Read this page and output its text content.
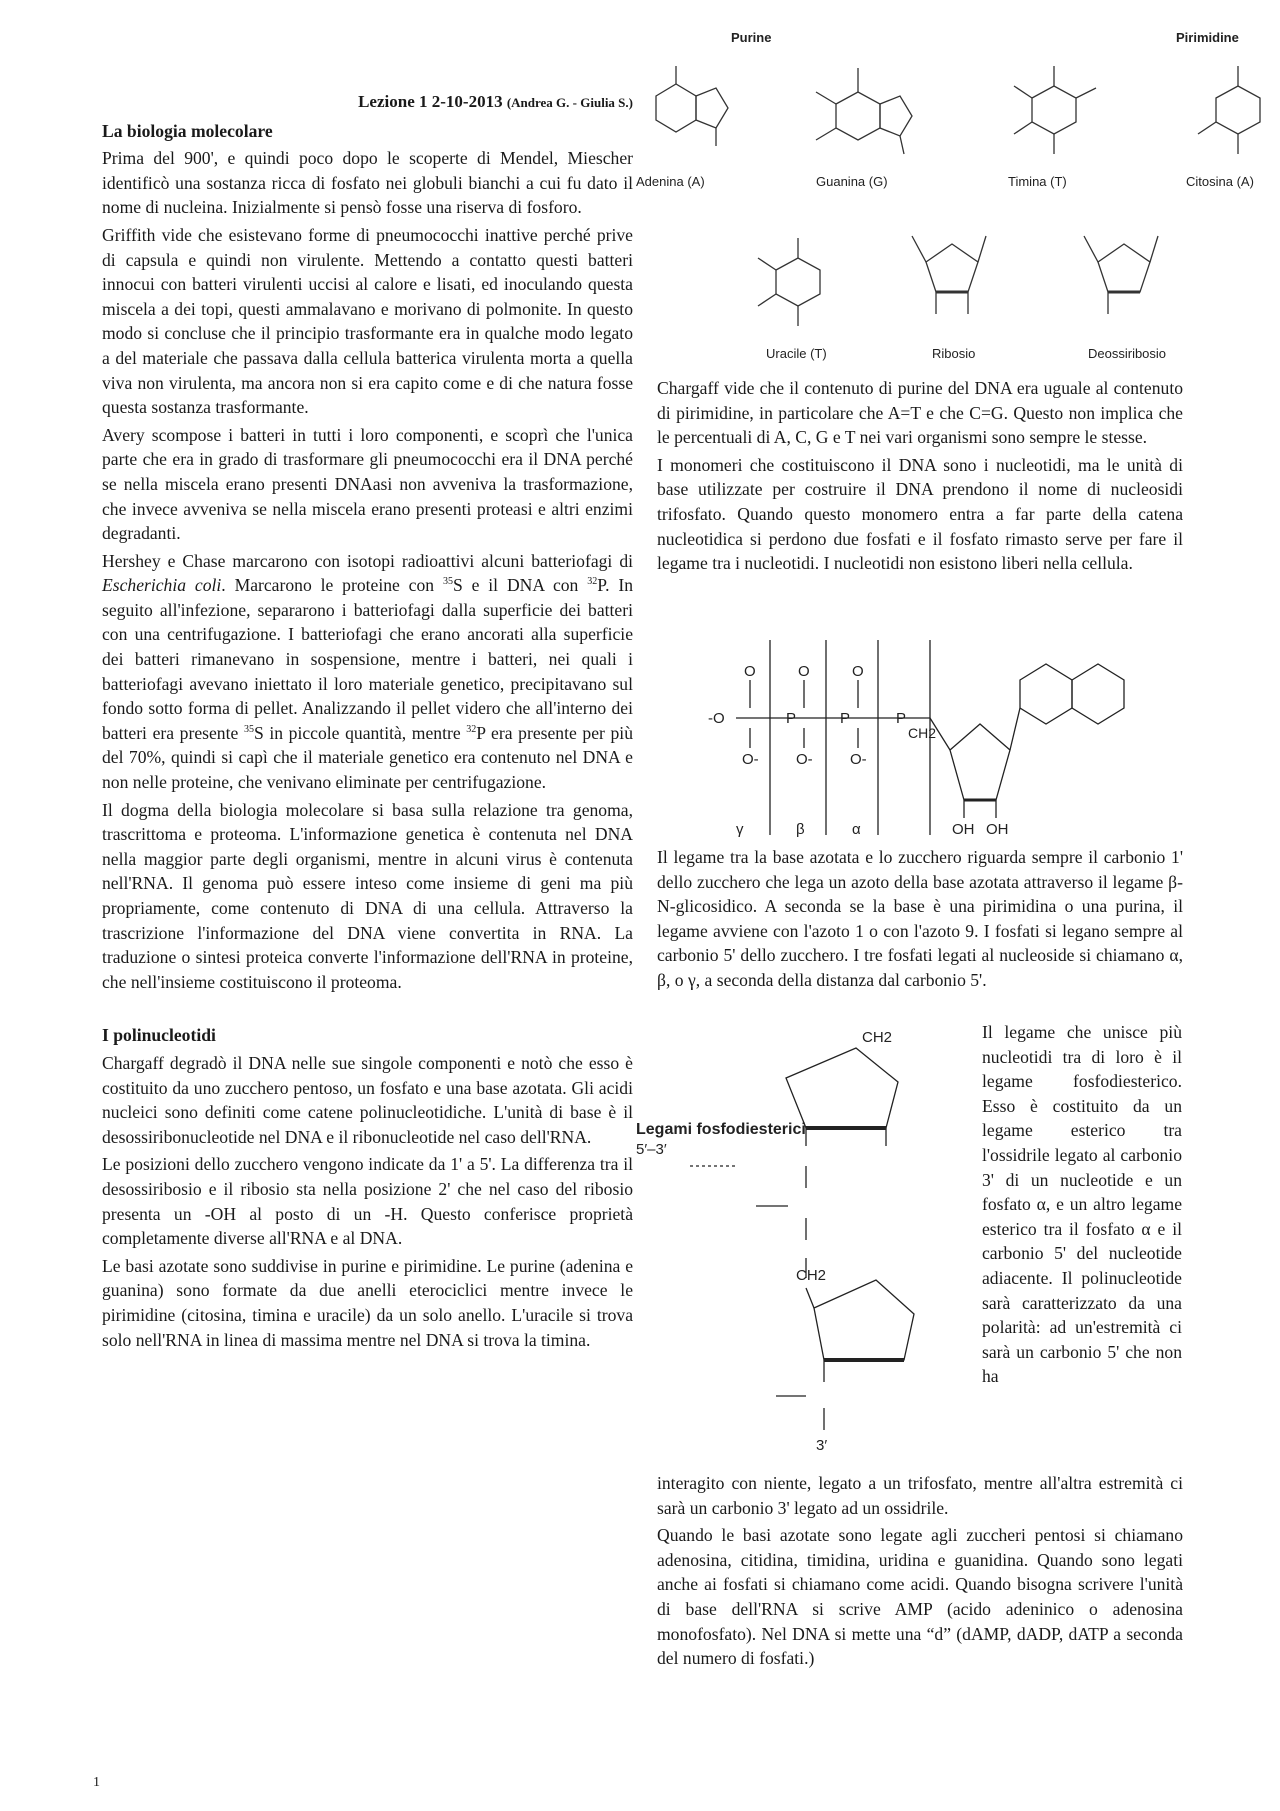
Lezione 1 2-10-2013 (Andrea G. - Giulia S.)

La biologia molecolare

Prima del 900', e quindi poco dopo le scoperte di Mendel, Miescher identificò una sostanza ricca di fosfato nei globuli bianchi a cui fu dato il nome di nucleina. Inizialmente si pensò fosse una riserva di fosforo.

Griffith vide che esistevano forme di pneumococchi inattive perché prive di capsula e quindi non virulente. Mettendo a contatto questi batteri innocui con batteri virulenti uccisi al calore e lisati, ed inoculando questa miscela a dei topi, questi ammalavano e morivano di polmonite. In questo modo si concluse che il principio trasformante era in qualche modo legato a del materiale che passava dalla cellula batterica virulenta morta a quella viva non virulenta, ma ancora non si era capito come e di che natura fosse questa sostanza trasformante.

Avery scompose i batteri in tutti i loro componenti, e scoprì che l'unica parte che era in grado di trasformare gli pneumococchi era il DNA perché se nella miscela erano presenti DNAasi non avveniva la trasformazione, che invece avveniva se nella miscela erano presenti proteasi e altri enzimi degradanti.

Hershey e Chase marcarono con isotopi radioattivi alcuni batteriofagi di Escherichia coli. Marcarono le proteine con $^{35}$S e il DNA con $^{32}$P. In seguito all'infezione, separarono i batteriofagi dalla superficie dei batteri con una centrifugazione. I batteriofagi che erano ancorati alla superficie dei batteri rimanevano in sospensione, mentre i batteri, nei quali i batteriofagi avevano iniettato il loro materiale genetico, precipitavano sul fondo sotto forma di pellet. Analizzando il pellet videro che all'interno dei batteri era presente $^{35}$S in piccole quantità, mentre $^{32}$P era presente per più del 70%, quindi si capì che il materiale genetico era contenuto nel DNA e non nelle proteine, che venivano eliminate per centrifugazione.

Il dogma della biologia molecolare si basa sulla relazione tra genoma, trascrittoma e proteoma. L'informazione genetica è contenuta nel DNA nella maggior parte degli organismi, mentre in alcuni virus è contenuta nell'RNA. Il genoma può essere inteso come insieme di geni ma più propriamente, come contenuto di DNA di una cellula. Attraverso la trascrizione l'informazione del DNA viene convertita in RNA. La traduzione o sintesi proteica converte l'informazione dell'RNA in proteine, che nell'insieme costituiscono il proteoma.

I polinucleotidi

Chargaff degradò il DNA nelle sue singole componenti e notò che esso è costituito da uno zucchero pentoso, un fosfato e una base azotata. Gli acidi nucleici sono definiti come catene polinucleotidiche. L'unità di base è il desossiribonucleotide nel DNA e il ribonucleotide nel caso dell'RNA.

Le posizioni dello zucchero vengono indicate da 1' a 5'. La differenza tra il desossiribosio e il ribosio sta nella posizione 2' che nel caso del ribosio presenta un -OH al posto di un -H. Questo conferisce proprietà completamente diverse all'RNA e al DNA.

Le basi azotate sono suddivise in purine e pirimidine. Le purine (adenina e guanina) sono formate da due anelli eterociclici mentre invece le pirimidine (citosina, timina e uracile) da un solo anello. L'uracile si trova solo nell'RNA in linea di massima mentre nel DNA si trova la timina.

Purine	Pirimidine
Adenina (A)	Guanina (G)	Timina (T)	Citosina (A)
Uracile (T)	Ribosio	Deossiribosio

Chargaff vide che il contenuto di purine del DNA era uguale al contenuto di pirimidine, in particolare che A=T e che C=G. Questo non implica che le percentuali di A, C, G e T nei vari organismi sono sempre le stesse.

I monomeri che costituiscono il DNA sono i nucleotidi, ma le unità di base utilizzate per costruire il DNA prendono il nome di nucleosidi trifosfato. Quando questo monomero entra a far parte della catena nucleotidica si perdono due fosfati e il fosfato rimasto serve per fare il legame tra i nucleotidi. I nucleotidi non esistono liberi nella cellula.

-O	P	P	P
O	O	O
O- O- O-
CH2
OH OH
γ	β	α

Il legame tra la base azotata e lo zucchero riguarda sempre il carbonio 1' dello zucchero che lega un azoto della base azotata attraverso il legame β-N-glicosidico. A seconda se la base è una pirimidina o una purina, il legame avviene con l'azoto 1 o con l'azoto 9. I fosfati si legano sempre al carbonio 5' dello zucchero. I tre fosfati legati al nucleoside si chiamano α, β, o γ, a seconda della distanza dal carbonio 5'.

Legami fosfodiesterici
5′–3′
CH2
CH2
3′

Il legame che unisce più nucleotidi tra di loro è il legame fosfodiesterico. Esso è costituito da un legame esterico tra l'ossidrile legato al carbonio 3' di un nucleotide e un fosfato α, e un altro legame esterico tra il fosfato α e il carbonio 5' del nucleotide adiacente. Il polinucleotide sarà caratterizzato da una polarità: ad un'estremità ci sarà un carbonio 5' che non ha

interagito con niente, legato a un trifosfato, mentre all'altra estremità ci sarà un carbonio 3' legato ad un ossidrile.

Quando le basi azotate sono legate agli zuccheri pentosi si chiamano adenosina, citidina, timidina, uridina e guanidina. Quando sono legati anche ai fosfati si chiamano come acidi. Quando bisogna scrivere l'unità di base dell'RNA si scrive AMP (acido adeninico o adenosina monofosfato). Nel DNA si mette una “d” (dAMP, dADP, dATP a seconda del numero di fosfati.)

1
